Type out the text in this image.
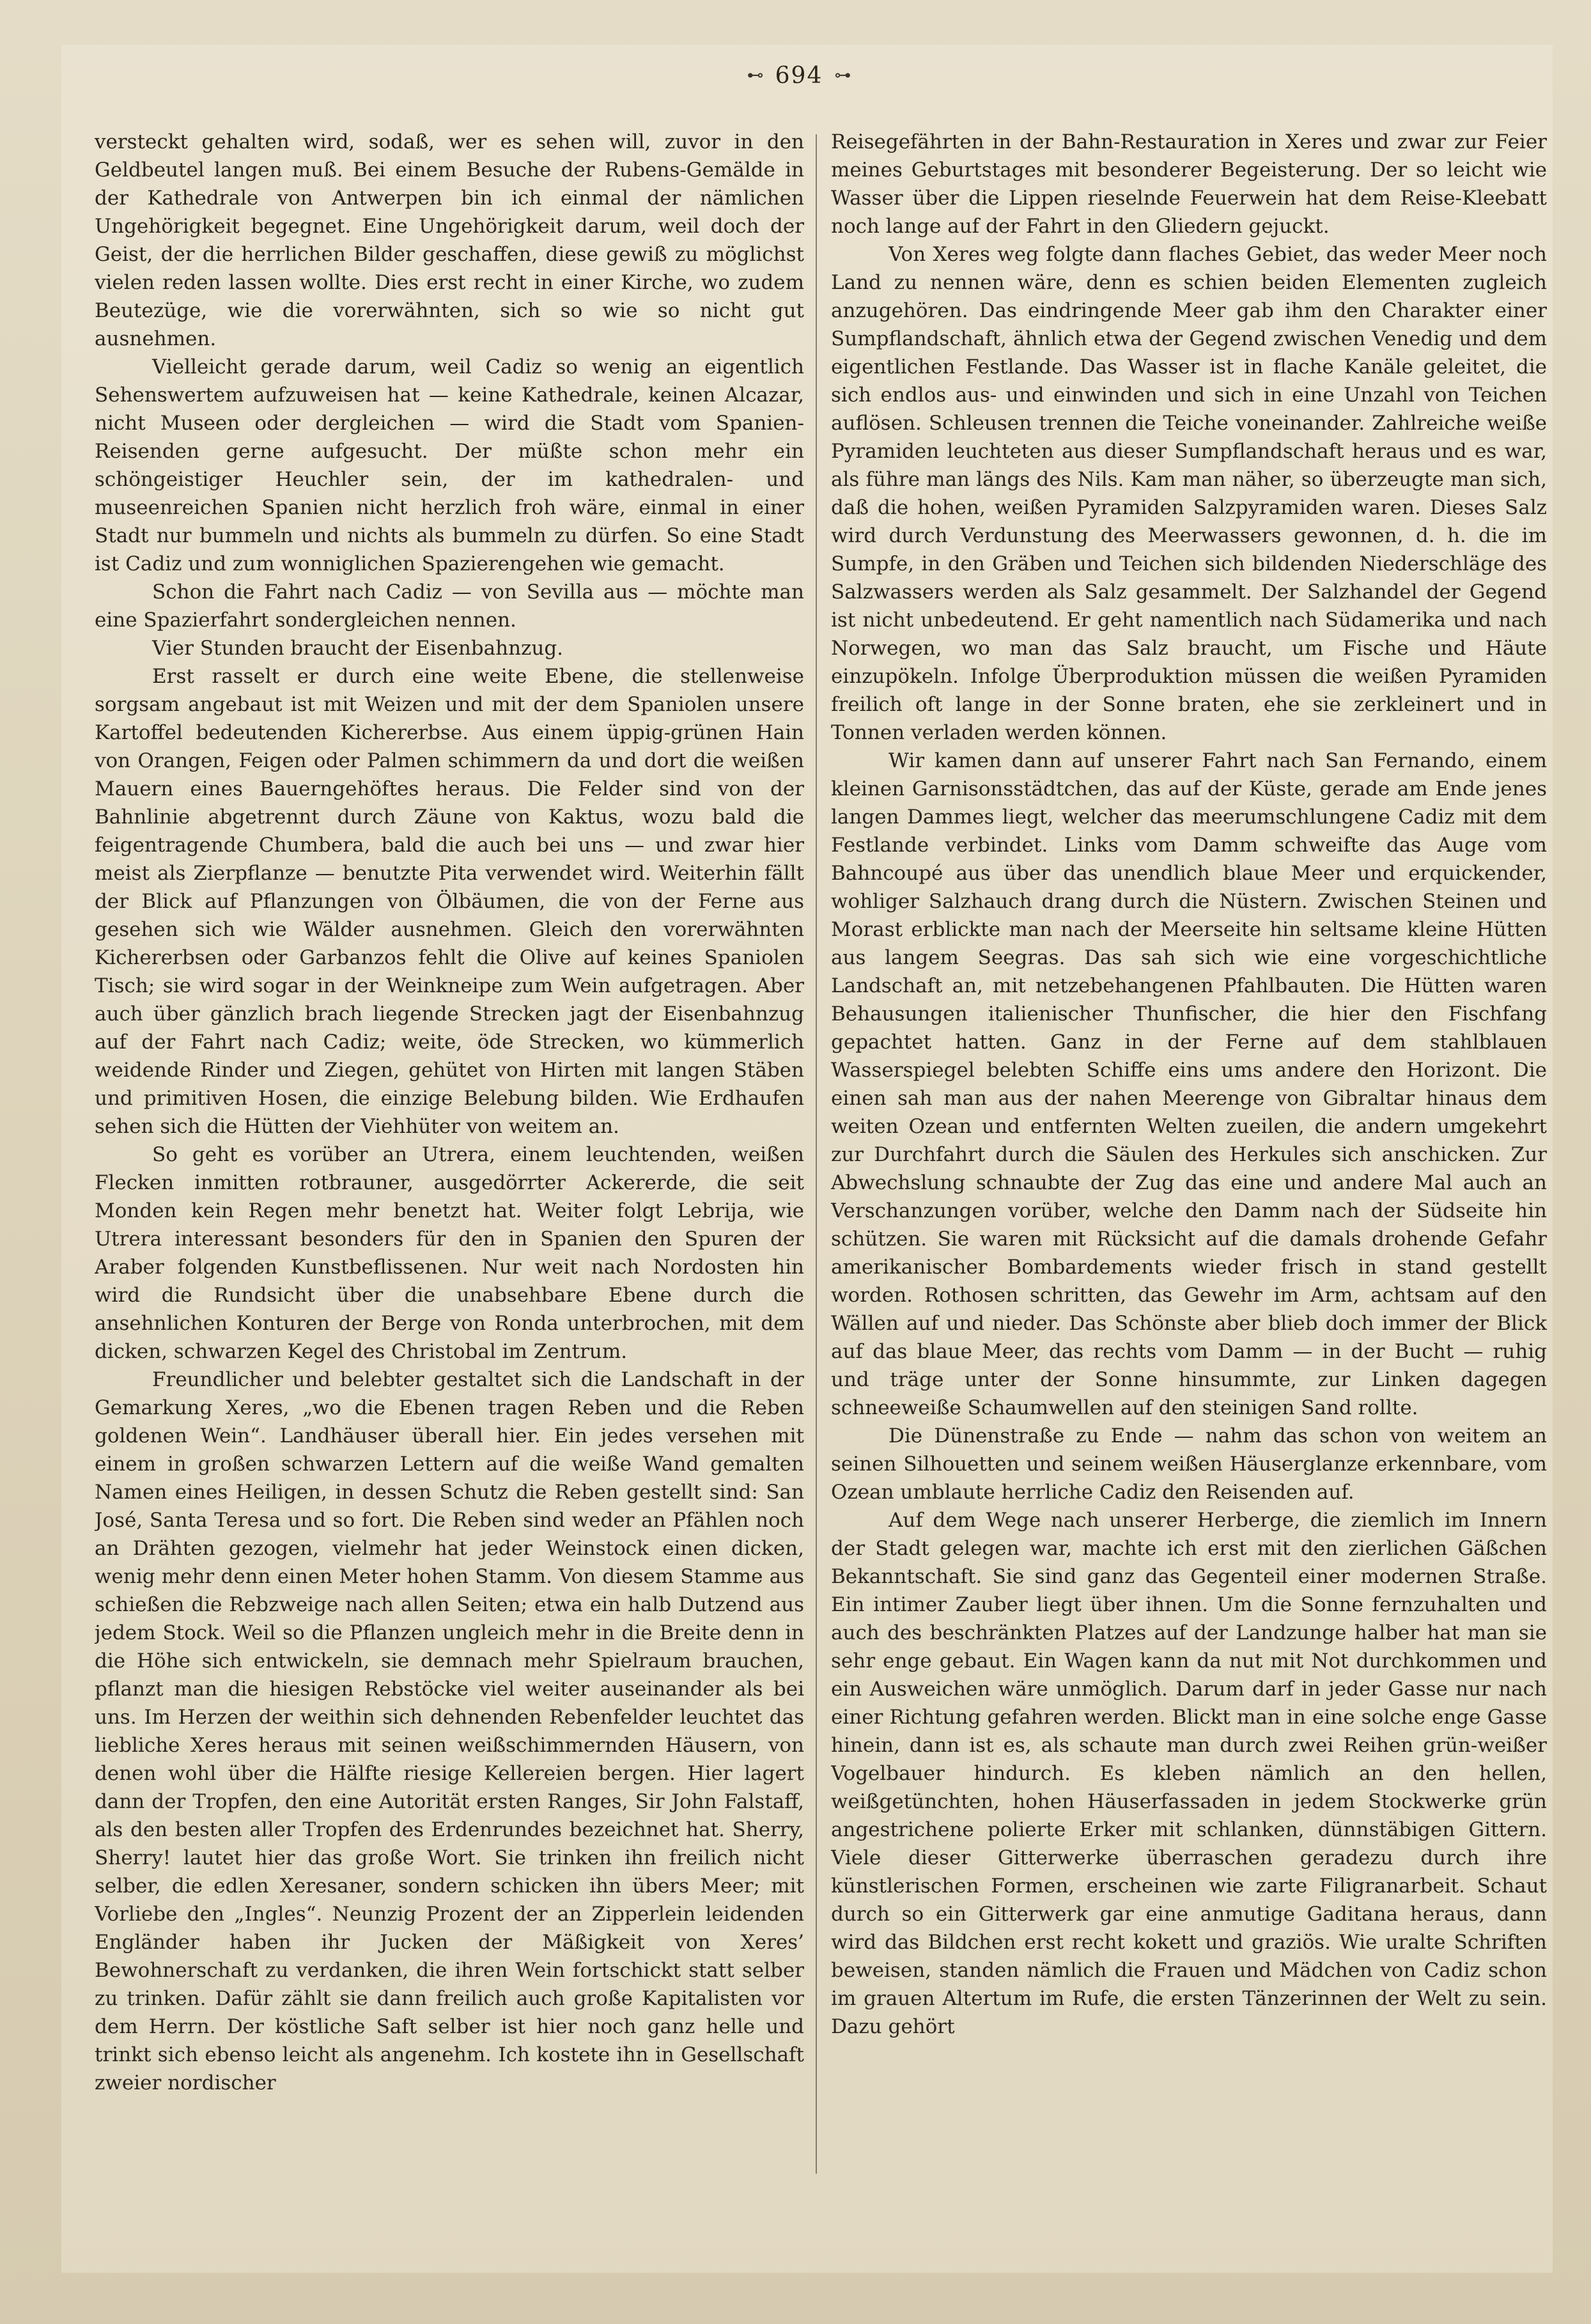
⊷ 694 ⊶

versteckt gehalten wird, sodaß, wer es sehen will, zuvor in den Geldbeutel langen muß. Bei einem Besuche der Rubens-Gemälde in der Kathedrale von Antwerpen bin ich einmal der nämlichen Ungehörigkeit begegnet. Eine Ungehörigkeit darum, weil doch der Geist, der die herrlichen Bilder geschaffen, diese gewiß zu möglichst vielen reden lassen wollte. Dies erst recht in einer Kirche, wo zudem Beutezüge, wie die vorerwähnten, sich so wie so nicht gut ausnehmen.

Vielleicht gerade darum, weil Cadiz so wenig an eigentlich Sehenswertem aufzuweisen hat — keine Kathedrale, keinen Alcazar, nicht Museen oder dergleichen — wird die Stadt vom Spanien-Reisenden gerne aufgesucht. Der müßte schon mehr ein schöngeistiger Heuchler sein, der im kathedralen- und museenreichen Spanien nicht herzlich froh wäre, einmal in einer Stadt nur bummeln und nichts als bummeln zu dürfen. So eine Stadt ist Cadiz und zum wonniglichen Spazierengehen wie gemacht.

Schon die Fahrt nach Cadiz — von Sevilla aus — möchte man eine Spazierfahrt sondergleichen nennen.

Vier Stunden braucht der Eisenbahnzug.

Erst rasselt er durch eine weite Ebene, die stellenweise sorgsam angebaut ist mit Weizen und mit der dem Spaniolen unsere Kartoffel bedeutenden Kichererbse. Aus einem üppig-grünen Hain von Orangen, Feigen oder Palmen schimmern da und dort die weißen Mauern eines Bauerngehöftes heraus. Die Felder sind von der Bahnlinie abgetrennt durch Zäune von Kaktus, wozu bald die feigentragende Chumbera, bald die auch bei uns — und zwar hier meist als Zierpflanze — benutzte Pita verwendet wird. Weiterhin fällt der Blick auf Pflanzungen von Ölbäumen, die von der Ferne aus gesehen sich wie Wälder ausnehmen. Gleich den vorerwähnten Kichererbsen oder Garbanzos fehlt die Olive auf keines Spaniolen Tisch; sie wird sogar in der Weinkneipe zum Wein aufgetragen. Aber auch über gänzlich brach liegende Strecken jagt der Eisenbahnzug auf der Fahrt nach Cadiz; weite, öde Strecken, wo kümmerlich weidende Rinder und Ziegen, gehütet von Hirten mit langen Stäben und primitiven Hosen, die einzige Belebung bilden. Wie Erdhaufen sehen sich die Hütten der Viehhüter von weitem an.

So geht es vorüber an Utrera, einem leuchtenden, weißen Flecken inmitten rotbrauner, ausgedörrter Ackererde, die seit Monden kein Regen mehr benetzt hat. Weiter folgt Lebrija, wie Utrera interessant besonders für den in Spanien den Spuren der Araber folgenden Kunstbeflissenen. Nur weit nach Nordosten hin wird die Rundsicht über die unabsehbare Ebene durch die ansehnlichen Konturen der Berge von Ronda unterbrochen, mit dem dicken, schwarzen Kegel des Christobal im Zentrum.

Freundlicher und belebter gestaltet sich die Landschaft in der Gemarkung Xeres, „wo die Ebenen tragen Reben und die Reben goldenen Wein“. Landhäuser überall hier. Ein jedes versehen mit einem in großen schwarzen Lettern auf die weiße Wand gemalten Namen eines Heiligen, in dessen Schutz die Reben gestellt sind: San José, Santa Teresa und so fort. Die Reben sind weder an Pfählen noch an Drähten gezogen, vielmehr hat jeder Weinstock einen dicken, wenig mehr denn einen Meter hohen Stamm. Von diesem Stamme aus schießen die Rebzweige nach allen Seiten; etwa ein halb Dutzend aus jedem Stock. Weil so die Pflanzen ungleich mehr in die Breite denn in die Höhe sich entwickeln, sie demnach mehr Spielraum brauchen, pflanzt man die hiesigen Rebstöcke viel weiter auseinander als bei uns. Im Herzen der weithin sich dehnenden Rebenfelder leuchtet das liebliche Xeres heraus mit seinen weißschimmernden Häusern, von denen wohl über die Hälfte riesige Kellereien bergen. Hier lagert dann der Tropfen, den eine Autorität ersten Ranges, Sir John Falstaff, als den besten aller Tropfen des Erdenrundes bezeichnet hat. Sherry, Sherry! lautet hier das große Wort. Sie trinken ihn freilich nicht selber, die edlen Xeresaner, sondern schicken ihn übers Meer; mit Vorliebe den „Ingles“. Neunzig Prozent der an Zipperlein leidenden Engländer haben ihr Jucken der Mäßigkeit von Xeres’ Bewohnerschaft zu verdanken, die ihren Wein fortschickt statt selber zu trinken. Dafür zählt sie dann freilich auch große Kapitalisten vor dem Herrn. Der köstliche Saft selber ist hier noch ganz helle und trinkt sich ebenso leicht als angenehm. Ich kostete ihn in Gesellschaft zweier nordischer

Reisegefährten in der Bahn-Restauration in Xeres und zwar zur Feier meines Geburtstages mit besonderer Begeisterung. Der so leicht wie Wasser über die Lippen rieselnde Feuerwein hat dem Reise-Kleebatt noch lange auf der Fahrt in den Gliedern gejuckt.

Von Xeres weg folgte dann flaches Gebiet, das weder Meer noch Land zu nennen wäre, denn es schien beiden Elementen zugleich anzugehören. Das eindringende Meer gab ihm den Charakter einer Sumpflandschaft, ähnlich etwa der Gegend zwischen Venedig und dem eigentlichen Festlande. Das Wasser ist in flache Kanäle geleitet, die sich endlos aus- und einwinden und sich in eine Unzahl von Teichen auflösen. Schleusen trennen die Teiche voneinander. Zahlreiche weiße Pyramiden leuchteten aus dieser Sumpflandschaft heraus und es war, als führe man längs des Nils. Kam man näher, so überzeugte man sich, daß die hohen, weißen Pyramiden Salzpyramiden waren. Dieses Salz wird durch Verdunstung des Meerwassers gewonnen, d. h. die im Sumpfe, in den Gräben und Teichen sich bildenden Niederschläge des Salzwassers werden als Salz gesammelt. Der Salzhandel der Gegend ist nicht unbedeutend. Er geht namentlich nach Südamerika und nach Norwegen, wo man das Salz braucht, um Fische und Häute einzupökeln. Infolge Überproduktion müssen die weißen Pyramiden freilich oft lange in der Sonne braten, ehe sie zerkleinert und in Tonnen verladen werden können.

Wir kamen dann auf unserer Fahrt nach San Fernando, einem kleinen Garnisonsstädtchen, das auf der Küste, gerade am Ende jenes langen Dammes liegt, welcher das meerumschlungene Cadiz mit dem Festlande verbindet. Links vom Damm schweifte das Auge vom Bahncoupé aus über das unendlich blaue Meer und erquickender, wohliger Salzhauch drang durch die Nüstern. Zwischen Steinen und Morast erblickte man nach der Meerseite hin seltsame kleine Hütten aus langem Seegras. Das sah sich wie eine vorgeschichtliche Landschaft an, mit netzebehangenen Pfahlbauten. Die Hütten waren Behausungen italienischer Thunfischer, die hier den Fischfang gepachtet hatten. Ganz in der Ferne auf dem stahlblauen Wasserspiegel belebten Schiffe eins ums andere den Horizont. Die einen sah man aus der nahen Meerenge von Gibraltar hinaus dem weiten Ozean und entfernten Welten zueilen, die andern umgekehrt zur Durchfahrt durch die Säulen des Herkules sich anschicken. Zur Abwechslung schnaubte der Zug das eine und andere Mal auch an Verschanzungen vorüber, welche den Damm nach der Südseite hin schützen. Sie waren mit Rücksicht auf die damals drohende Gefahr amerikanischer Bombardements wieder frisch in stand gestellt worden. Rothosen schritten, das Gewehr im Arm, achtsam auf den Wällen auf und nieder. Das Schönste aber blieb doch immer der Blick auf das blaue Meer, das rechts vom Damm — in der Bucht — ruhig und träge unter der Sonne hinsummte, zur Linken dagegen schneeweiße Schaumwellen auf den steinigen Sand rollte.

Die Dünenstraße zu Ende — nahm das schon von weitem an seinen Silhouetten und seinem weißen Häuserglanze erkennbare, vom Ozean umblaute herrliche Cadiz den Reisenden auf.

Auf dem Wege nach unserer Herberge, die ziemlich im Innern der Stadt gelegen war, machte ich erst mit den zierlichen Gäßchen Bekanntschaft. Sie sind ganz das Gegenteil einer modernen Straße. Ein intimer Zauber liegt über ihnen. Um die Sonne fernzuhalten und auch des beschränkten Platzes auf der Landzunge halber hat man sie sehr enge gebaut. Ein Wagen kann da nut mit Not durchkommen und ein Ausweichen wäre unmöglich. Darum darf in jeder Gasse nur nach einer Richtung gefahren werden. Blickt man in eine solche enge Gasse hinein, dann ist es, als schaute man durch zwei Reihen grün-weißer Vogelbauer hindurch. Es kleben nämlich an den hellen, weißgetünchten, hohen Häuserfassaden in jedem Stockwerke grün angestrichene polierte Erker mit schlanken, dünnstäbigen Gittern. Viele dieser Gitterwerke überraschen geradezu durch ihre künstlerischen Formen, erscheinen wie zarte Filigranarbeit. Schaut durch so ein Gitterwerk gar eine anmutige Gaditana heraus, dann wird das Bildchen erst recht kokett und graziös. Wie uralte Schriften beweisen, standen nämlich die Frauen und Mädchen von Cadiz schon im grauen Altertum im Rufe, die ersten Tänzerinnen der Welt zu sein. Dazu gehört
